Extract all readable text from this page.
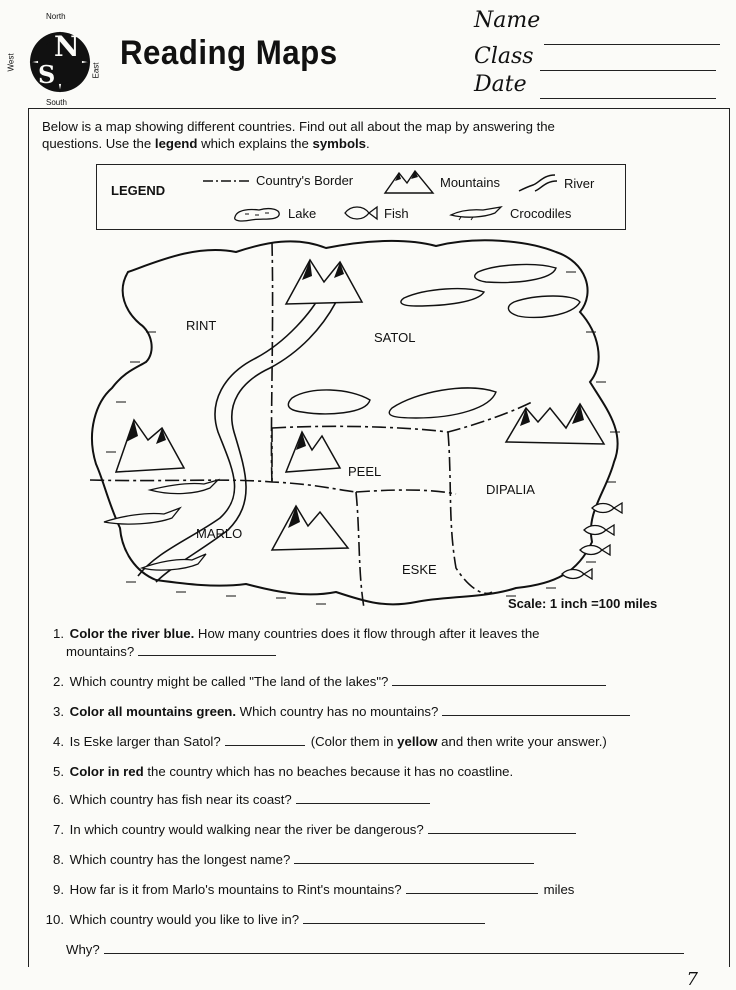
N
S
North
South
East
West	Reading Maps
Name
Class
Date
Below is a map showing different countries. Find out all about the map by answering the
questions. Use the legend which explains the symbols.
LEGEND
Country's Border	Mountains	River
Lake	Fish	Crocodiles
RINT
SATOL
PEEL
DIPALIA
MARLO
ESKE
Scale: 1 inch =100 miles
1. Color the river blue. How many countries does it flow through after it leaves the
mountains?
2. Which country might be called "The land of the lakes"?
3. Color all mountains green. Which country has no mountains?
4. Is Eske larger than Satol?	(Color them in yellow and then write your answer.)
5. Color in red the country which has no beaches because it has no coastline.
6. Which country has fish near its coast?
7. In which country would walking near the river be dangerous?
8. Which country has the longest name?
9. How far is it from Marlo's mountains to Rint's mountains?	miles
10. Which country would you like to live in?
Why?
7
